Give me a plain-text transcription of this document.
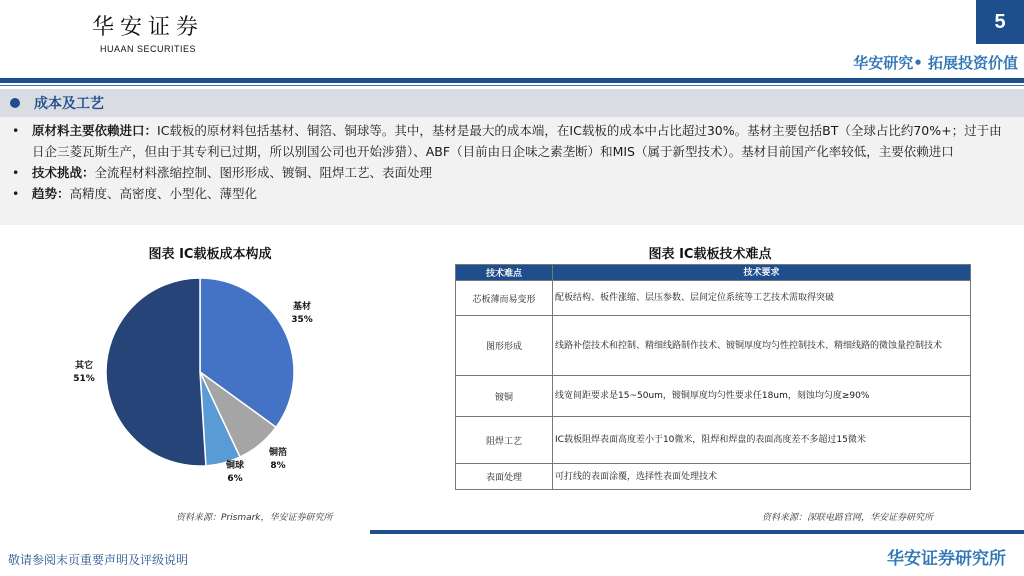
华安证券
HUAAN SECURITIES
5
华安研究• 拓展投资价值
成本及工艺
•	原材料主要依赖进口：IC载板的原材料包括基材、铜箔、铜球等。其中，基材是最大的成本端，在IC载板的成本中占比超过30%。基材主要包括BT（全球占比约70%+；过于由日企三菱瓦斯生产，但由于其专利已过期，所以别国公司也开始涉猎）、ABF（目前由日企味之素垄断）和MIS（属于新型技术）。基材目前国产化率较低，主要依赖进口
•	技术挑战：全流程材料涨缩控制、图形形成、镀铜、阻焊工艺、表面处理
•	趋势：高精度、高密度、小型化、薄型化
图表 IC载板成本构成
基材
35%
铜箔
8%
铜球
6%
其它
51%
资料来源：Prismark，华安证券研究所
图表 IC载板技术难点
技术难点	技术要求
芯板薄而易变形	配板结构、板件涨缩、层压参数、层间定位系统等工艺技术需取得突破
图形形成	线路补偿技术和控制、精细线路制作技术、镀铜厚度均匀性控制技术、精细线路的微蚀量控制技术
镀铜	线宽间距要求是15~50um，镀铜厚度均匀性要求任18um，刻蚀均匀度≥90%
阻焊工艺	IC载板阻焊表面高度差小于10微米，阻焊和焊盘的表面高度差不多超过15微米
表面处理	可打线的表面涂覆，选择性表面处理技术
资料来源：深联电路官网，华安证券研究所
敬请参阅末页重要声明及评级说明	华安证券研究所
